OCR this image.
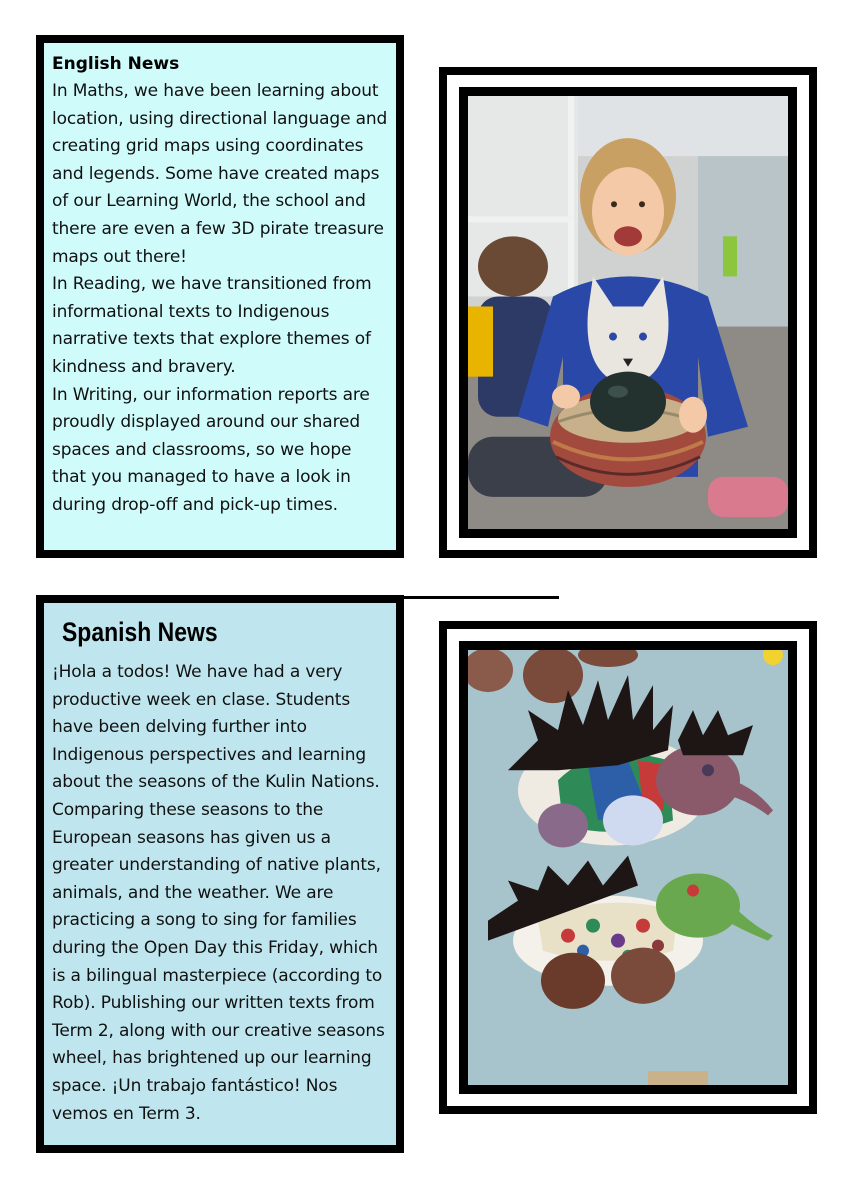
English News

In Maths, we have been learning about location, using directional language and creating grid maps using coordinates and legends. Some have created maps of our Learning World, the school and there are even a few 3D pirate treasure maps out there!

In Reading, we have transitioned from informational texts to Indigenous narrative texts that explore themes of kindness and bravery.

In Writing, our information reports are proudly displayed around our shared spaces and classrooms, so we hope that you managed to have a look in during drop-off and pick-up times.

Spanish News
¡Hola a todos! We have had a very productive week en clase. Students have been delving further into Indigenous perspectives and learning about the seasons of the Kulin Nations. Comparing these seasons to the European seasons has given us a greater understanding of native plants, animals, and the weather. We are practicing a song to sing for families during the Open Day this Friday, which is a bilingual masterpiece (according to Rob). Publishing our written texts from Term 2, along with our creative seasons wheel, has brightened up our learning space. ¡Un trabajo fantástico! Nos vemos en Term 3.
